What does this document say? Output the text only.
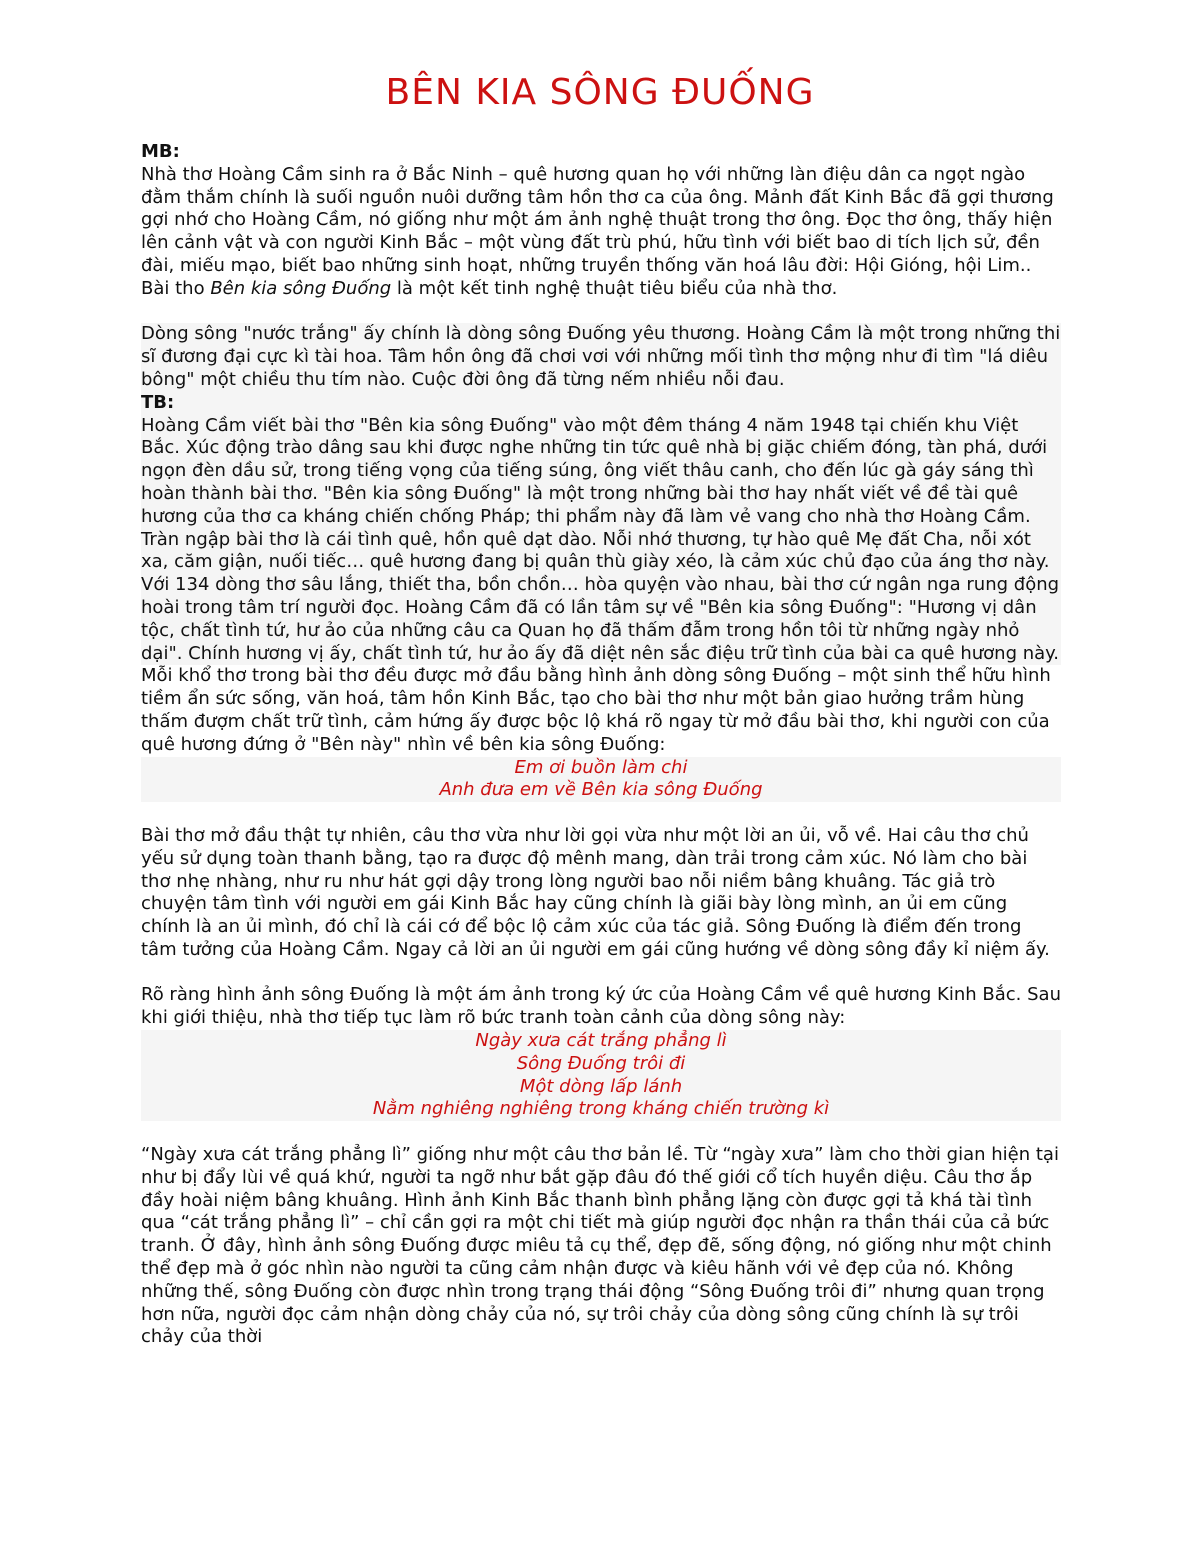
BÊN KIA SÔNG ĐUỐNG

MB:

Nhà thơ Hoàng Cầm sinh ra ở Bắc Ninh – quê hương quan họ với những làn điệu dân ca ngọt ngào đằm thắm chính là suối nguồn nuôi dưỡng tâm hồn thơ ca của ông. Mảnh đất Kinh Bắc đã gợi thương gợi nhớ cho Hoàng Cầm, nó giống như một ám ảnh nghệ thuật trong thơ ông. Đọc thơ ông, thấy hiện lên cảnh vật và con người Kinh Bắc – một vùng đất trù phú, hữu tình với biết bao di tích lịch sử, đền đài, miếu mạo, biết bao những sinh hoạt, những truyền thống văn hoá lâu đời: Hội Gióng, hội Lim.. Bài tho Bên kia sông Đuống là một kết tinh nghệ thuật tiêu biểu của nhà thơ.

Dòng sông "nước trắng" ấy chính là dòng sông Đuống yêu thương. Hoàng Cầm là một trong những thi sĩ đương đại cực kì tài hoa. Tâm hồn ông đã chơi vơi với những mối tình thơ mộng như đi tìm "lá diêu bông" một chiều thu tím nào. Cuộc đời ông đã từng nếm nhiều nỗi đau.

TB:

Hoàng Cầm viết bài thơ "Bên kia sông Đuống" vào một đêm tháng 4 năm 1948 tại chiến khu Việt Bắc. Xúc động trào dâng sau khi được nghe những tin tức quê nhà bị giặc chiếm đóng, tàn phá, dưới ngọn đèn dầu sử, trong tiếng vọng của tiếng súng, ông viết thâu canh, cho đến lúc gà gáy sáng thì hoàn thành bài thơ. "Bên kia sông Đuống" là một trong những bài thơ hay nhất viết về đề tài quê hương của thơ ca kháng chiến chống Pháp; thi phẩm này đã làm vẻ vang cho nhà thơ Hoàng Cầm. Tràn ngập bài thơ là cái tình quê, hồn quê dạt dào. Nỗi nhớ thương, tự hào quê Mẹ đất Cha, nỗi xót xa, căm giận, nuối tiếc… quê hương đang bị quân thù giày xéo, là cảm xúc chủ đạo của áng thơ này. Với 134 dòng thơ sâu lắng, thiết tha, bồn chồn… hòa quyện vào nhau, bài thơ cứ ngân nga rung động hoài trong tâm trí người đọc. Hoàng Cầm đã có lần tâm sự về "Bên kia sông Đuống": "Hương vị dân tộc, chất tình tứ, hư ảo của những câu ca Quan họ đã thấm đẫm trong hồn tôi từ những ngày nhỏ dại". Chính hương vị ấy, chất tình tứ, hư ảo ấy đã diệt nên sắc điệu trữ tình của bài ca quê hương này.

Mỗi khổ thơ trong bài thơ đều được mở đầu bằng hình ảnh dòng sông Đuống – một sinh thể hữu hình tiềm ẩn sức sống, văn hoá, tâm hồn Kinh Bắc, tạo cho bài thơ như một bản giao hưởng trầm hùng thấm đượm chất trữ tình, cảm hứng ấy được bộc lộ khá rõ ngay từ mở đầu bài thơ, khi người con của quê hương đứng ở "Bên này" nhìn về bên kia sông Đuống:

Em ơi buồn làm chi

Anh đưa em về Bên kia sông Đuống

Bài thơ mở đầu thật tự nhiên, câu thơ vừa như lời gọi vừa như một lời an ủi, vỗ về. Hai câu thơ chủ yếu sử dụng toàn thanh bằng, tạo ra được độ mênh mang, dàn trải trong cảm xúc. Nó làm cho bài thơ nhẹ nhàng, như ru như hát gợi dậy trong lòng người bao nỗi niềm bâng khuâng. Tác giả trò chuyện tâm tình với người em gái Kinh Bắc hay cũng chính là giãi bày lòng mình, an ủi em cũng chính là an ủi mình, đó chỉ là cái cớ để bộc lộ cảm xúc của tác giả. Sông Đuống là điểm đến trong tâm tưởng của Hoàng Cầm. Ngay cả lời an ủi người em gái cũng hướng về dòng sông đầy kỉ niệm ấy.

Rõ ràng hình ảnh sông Đuống là một ám ảnh trong ký ức của Hoàng Cầm về quê hương Kinh Bắc. Sau khi giới thiệu, nhà thơ tiếp tục làm rõ bức tranh toàn cảnh của dòng sông này:

Ngày xưa cát trắng phẳng lì

Sông Đuống trôi đi

Một dòng lấp lánh

Nằm nghiêng nghiêng trong kháng chiến trường kì

“Ngày xưa cát trắng phẳng lì” giống như một câu thơ bản lề. Từ “ngày xưa” làm cho thời gian hiện tại như bị đẩy lùi về quá khứ, người ta ngỡ như bắt gặp đâu đó thế giới cổ tích huyền diệu. Câu thơ ắp đầy hoài niệm bâng khuâng. Hình ảnh Kinh Bắc thanh bình phẳng lặng còn được gợi tả khá tài tình qua “cát trắng phẳng lì” – chỉ cần gợi ra một chi tiết mà giúp người đọc nhận ra thần thái của cả bức tranh. Ở đây, hình ảnh sông Đuống được miêu tả cụ thể, đẹp đẽ, sống động, nó giống như một chinh thể đẹp mà ở góc nhìn nào người ta cũng cảm nhận được và kiêu hãnh với vẻ đẹp của nó. Không những thế, sông Đuống còn được nhìn trong trạng thái động “Sông Đuống trôi đi” nhưng quan trọng hơn nữa, người đọc cảm nhận dòng chảy của nó, sự trôi chảy của dòng sông cũng chính là sự trôi chảy của thời
